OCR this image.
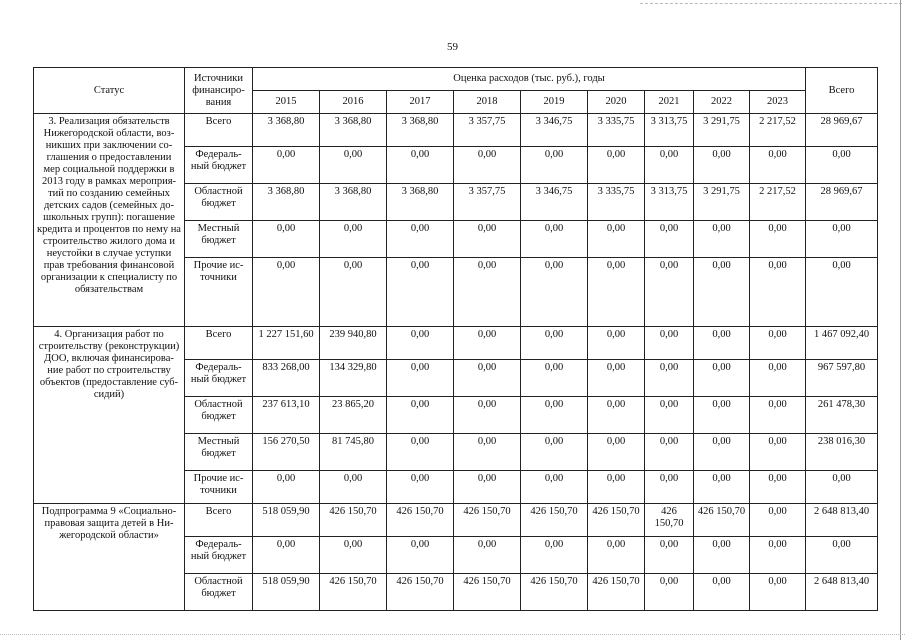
59
Статус	Источники финансиро-вания	Оценка расходов (тыс. руб.), годы									Всего
		2015	2016	2017	2018	2019	2020	2021	2022	2023	
3. Реализация обязательств Нижегородской области, воз-никших при заключении со-глашения о предоставлении мер социальной поддержки в 2013 году в рамках мероприя-тий по созданию семейных детских садов (семейных до-школьных групп): погашение кредита и процентов по нему на строительство жилого дома и неустойки в случае уступки прав требования финансовой организации к специалисту по обязательствам	Всего	3 368,80	3 368,80	3 368,80	3 357,75	3 346,75	3 335,75	3 313,75	3 291,75	2 217,52	28 969,67
	Федераль-ный бюджет	0,00	0,00	0,00	0,00	0,00	0,00	0,00	0,00	0,00	0,00
	Областной бюджет	3 368,80	3 368,80	3 368,80	3 357,75	3 346,75	3 335,75	3 313,75	3 291,75	2 217,52	28 969,67
	Местный бюджет	0,00	0,00	0,00	0,00	0,00	0,00	0,00	0,00	0,00	0,00
	Прочие ис-точники	0,00	0,00	0,00	0,00	0,00	0,00	0,00	0,00	0,00	0,00
4. Организация работ по строительству (реконструкции) ДОО, включая финансирова-ние работ по строительству объектов (предоставление суб-сидий)	Всего	1 227 151,60	239 940,80	0,00	0,00	0,00	0,00	0,00	0,00	0,00	1 467 092,40
	Федераль-ный бюджет	833 268,00	134 329,80	0,00	0,00	0,00	0,00	0,00	0,00	0,00	967 597,80
	Областной бюджет	237 613,10	23 865,20	0,00	0,00	0,00	0,00	0,00	0,00	0,00	261 478,30
	Местный бюджет	156 270,50	81 745,80	0,00	0,00	0,00	0,00	0,00	0,00	0,00	238 016,30
	Прочие ис-точники	0,00	0,00	0,00	0,00	0,00	0,00	0,00	0,00	0,00	0,00
Подпрограмма 9 «Социально-правовая защита детей в Ни-жегородской области»	Всего	518 059,90	426 150,70	426 150,70	426 150,70	426 150,70	426 150,70	426 150,70	426 150,70	0,00	2 648 813,40
	Федераль-ный бюджет	0,00	0,00	0,00	0,00	0,00	0,00	0,00	0,00	0,00	0,00
	Областной бюджет	518 059,90	426 150,70	426 150,70	426 150,70	426 150,70	426 150,70	0,00	0,00	0,00	2 648 813,40
